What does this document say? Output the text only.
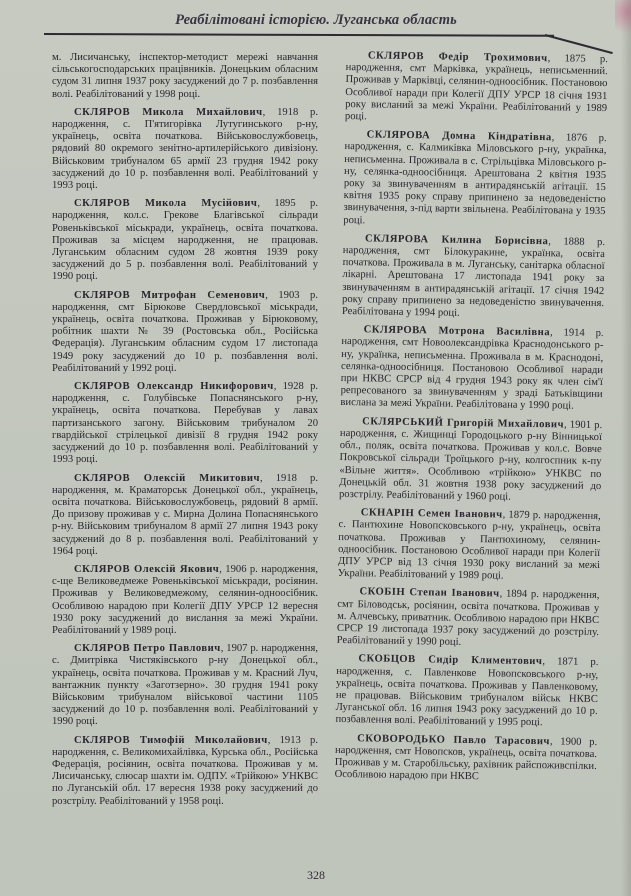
Реабілітовані історією. Луганська область

м. Лисичанську, інспектор-методист мережі навчання сільськогосподарських працівників. Донецьким обласним судом 31 липня 1937 року засуджений до 7 р. позбавлення волі. Реабілітований у 1998 році.

СКЛЯРОВ Микола Михайлович, 1918 р. народження, с. П'ятигорівка Лутугинського р-ну, українець, освіта початкова. Військовослужбовець, рядовий 80 окремого зенітно-артилерійського дивізіону. Військовим трибуналом 65 армії 23 грудня 1942 року засуджений до 10 р. позбавлення волі. Реабілітований у 1993 році.

СКЛЯРОВ Микола Мусійович, 1895 р. народження, кол.с. Грекове Благівської сільради Ровеньківської міськради, українець, освіта початкова. Проживав за місцем народження, не працював. Луганським обласним судом 28 жовтня 1939 року засуджений до 5 р. позбавлення волі. Реабілітований у 1990 році.

СКЛЯРОВ Митрофан Семенович, 1903 р. народження, смт Бірюкове Свердловської міськради, українець, освіта початкова. Проживав у Бірюковому, робітник шахти № 39 (Ростовська обл., Російська Федерація). Луганським обласним судом 17 листопада 1949 року засуджений до 10 р. позбавлення волі. Реабілітований у 1992 році.

СКЛЯРОВ Олександр Никифорович, 1928 р. народження, с. Голубівське Попаснянського р-ну, українець, освіта початкова. Перебував у лавах партизанського загону. Військовим трибуналом 20 гвардійської стрілецької дивізії 8 грудня 1942 року засуджений до 10 р. позбавлення волі. Реабілітований у 1993 році.

СКЛЯРОВ Олексій Микитович, 1918 р. народження, м. Краматорськ Донецької обл., українець, освіта початкова. Військовослужбовець, рядовий 8 армії. До призову проживав у с. Мирна Долина Попаснянського р-ну. Військовим трибуналом 8 армії 27 липня 1943 року засуджений до 8 р. позбавлення волі. Реабілітований у 1964 році.

СКЛЯРОВ Олексій Якович, 1906 р. народження, с-ще Великоведмеже Ровеньківської міськради, росіянин. Проживав у Великоведмежому, селянин-одноосібник. Особливою нарадою при Колегії ДПУ УРСР 12 вересня 1930 року засуджений до вислання за межі України. Реабілітований у 1989 році.

СКЛЯРОВ Петро Павлович, 1907 р. народження, с. Дмитрівка Чистяківського р-ну Донецької обл., українець, освіта початкова. Проживав у м. Красний Луч, вантажник пункту «Заготзерно». 30 грудня 1941 року Військовим трибуналом військової частини 1105 засуджений до 10 р. позбавлення волі. Реабілітований у 1990 році.

СКЛЯРОВ Тимофій Миколайович, 1913 р. народження, с. Великомихайлівка, Курська обл., Російська Федерація, росіянин, освіта початкова. Проживав у м. Лисичанську, слюсар шахти ім. ОДПУ. «Трійкою» УНКВС по Луганській обл. 17 вересня 1938 року засуджений до розстрілу. Реабілітований у 1958 році.

СКЛЯРОВ Федір Трохимович, 1875 р. народження, смт Марківка, українець, неписьменний. Проживав у Марківці, селянин-одноосібник. Постановою Особливої наради при Колегії ДПУ УРСР 18 січня 1931 року висланий за межі України. Реабілітований у 1989 році.

СКЛЯРОВА Домна Кіндратівна, 1876 р. народження, с. Калмиківка Міловського р-ну, українка, неписьменна. Проживала в с. Стрільцівка Міловського р-ну, селянка-одноосібниця. Арештована 2 квітня 1935 року за звинуваченням в антирадянській агітації. 15 квітня 1935 року справу припинено за недоведеністю звинувачення, з-під варти звільнена. Реабілітована у 1935 році.

СКЛЯРОВА Килина Борисівна, 1888 р. народження, смт Білокуракине, українка, освіта початкова. Проживала в м. Луганську, санітарка обласної лікарні. Арештована 17 листопада 1941 року за звинуваченням в антирадянській агітації. 17 січня 1942 року справу припинено за недоведеністю звинувачення. Реабілітована у 1994 році.

СКЛЯРОВА Мотрона Василівна, 1914 р. народження, смт Новоолександрівка Краснодонського р-ну, українка, неписьменна. Проживала в м. Краснодоні, селянка-одноосібниця. Постановою Особливої наради при НКВС СРСР від 4 грудня 1943 року як член сім'ї репресованого за звинуваченням у зраді Батьківщини вислана за межі України. Реабілітована у 1990 році.

СКЛЯРСЬКИЙ Григорій Михайлович, 1901 р. народження, с. Жищинці Городоцького р-ну Вінницької обл., поляк, освіта початкова. Проживав у кол.с. Вовче Покровської сільради Троїцького р-ну, колгоспник к-пу «Вільне життя». Особливою «трійкою» УНКВС по Донецькій обл. 31 жовтня 1938 року засуджений до розстрілу. Реабілітований у 1960 році.

СКНАРІН Семен Іванович, 1879 р. народження, с. Пантюхине Новопсковського р-ну, українець, освіта початкова. Проживав у Пантюхиному, селянин-одноосібник. Постановою Особливої наради при Колегії ДПУ УРСР від 13 січня 1930 року висланий за межі України. Реабілітований у 1989 році.

СКОБІН Степан Іванович, 1894 р. народження, смт Біловодськ, росіянин, освіта початкова. Проживав у м. Алчевську, приватник. Особливою нарадою при НКВС СРСР 19 листопада 1937 року засуджений до розстрілу. Реабілітований у 1990 році.

СКОБЦОВ Сидір Климентович, 1871 р. народження, с. Павленкове Новопсковського р-ну, українець, освіта початкова. Проживав у Павленковому, не працював. Військовим трибуналом військ НКВС Луганської обл. 16 липня 1943 року засуджений до 10 р. позбавлення волі. Реабілітований у 1995 році.

СКОВОРОДЬКО Павло Тарасович, 1900 р. народження, смт Новопсков, українець, освіта початкова. Проживав у м. Старобільську, рахівник райспоживспілки. Особливою нарадою при НКВС

328
